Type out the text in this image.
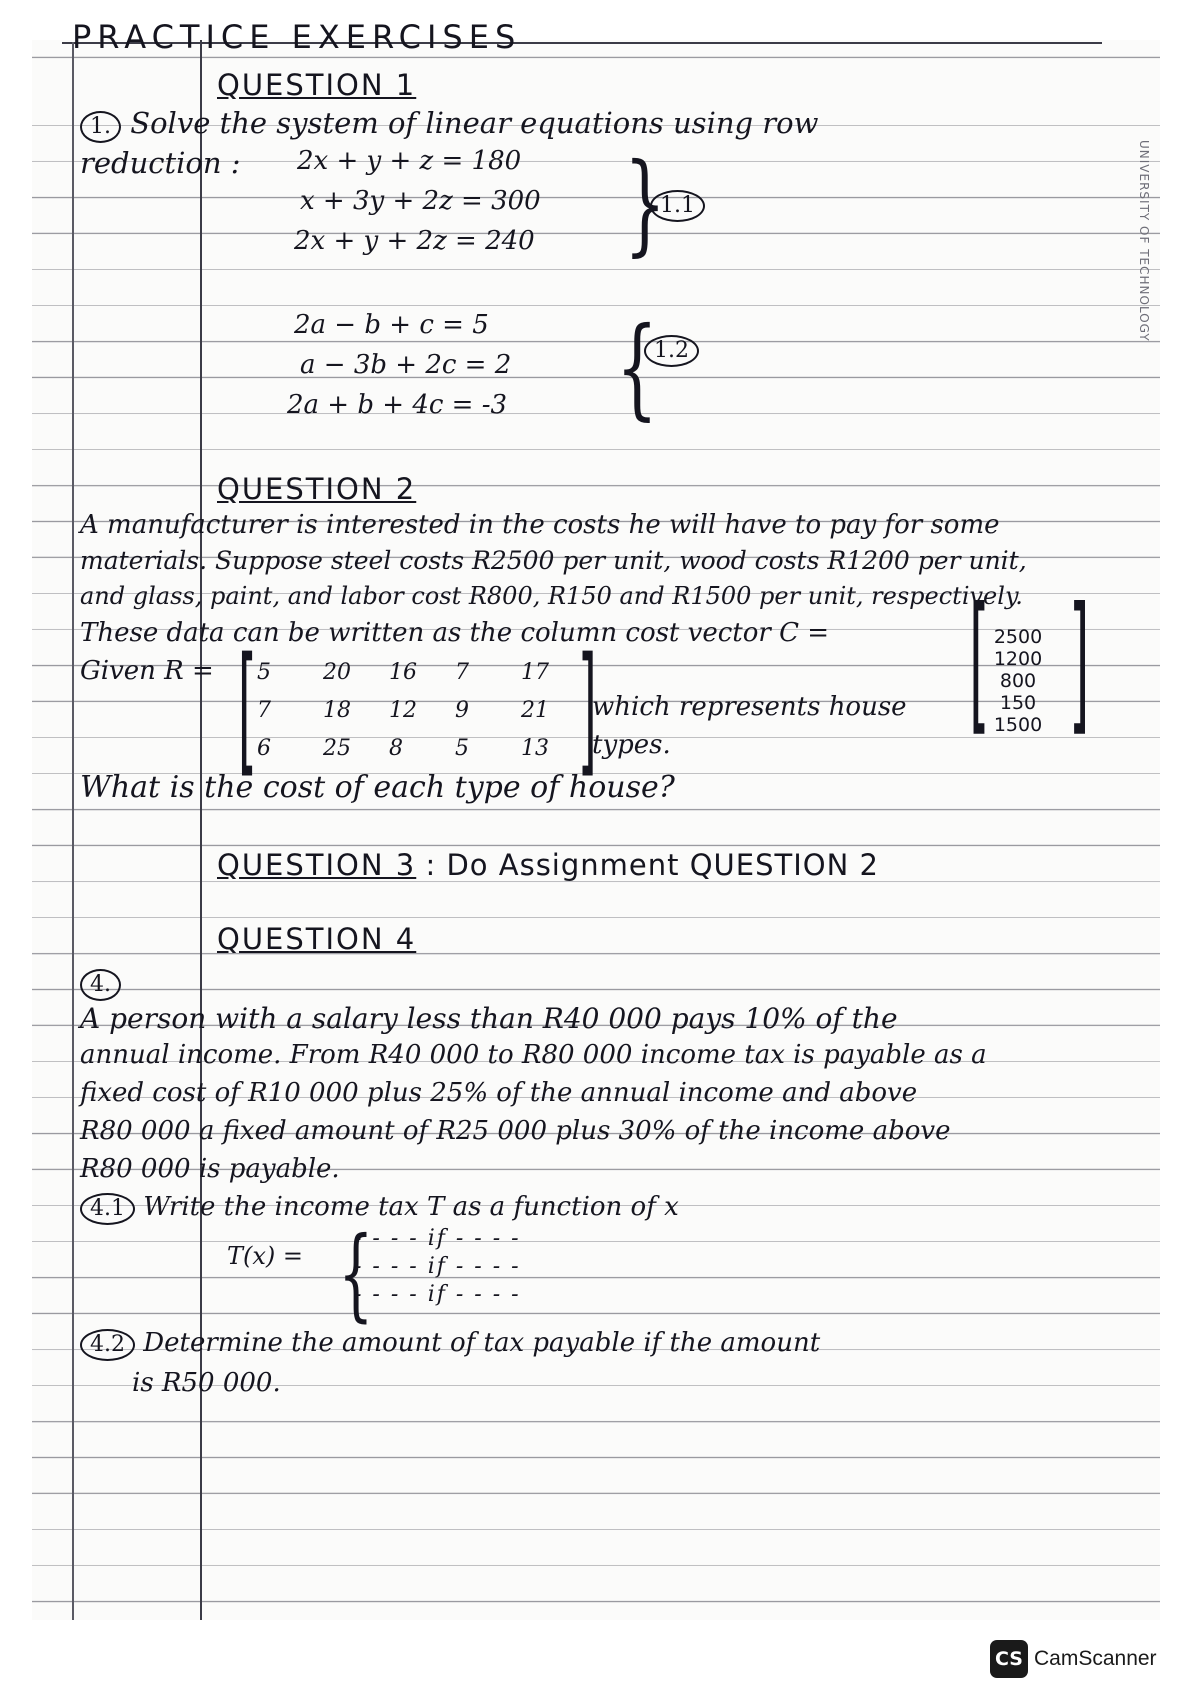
PRACTICE EXERCISES
QUESTION 1
1. Solve the system of linear equations using row
reduction : 2x + y + z = 180
x + 3y + 2z = 300
2x + y + 2z = 240 }
1.1
2a − b + c = 5
a − 3b + 2c = 2
2a + b + 4c = -3 {
1.2
QUESTION 2
A manufacturer is interested in the costs he will have to pay for some
materials. Suppose steel costs R2500 per unit, wood costs R1200 per unit,
and glass, paint, and labor cost R800, R150 and R1500 per unit, respectively.
These data can be written as the column cost vector C = [ 2500
1200
800
150
1500 ]
Given R = [ 5 20 16 7 17
7 18 12 9 21
6 25 8 5 13 ]
which represents house
types.
What is the cost of each type of house?
QUESTION 3 : Do Assignment QUESTION 2
QUESTION 4
4.
A person with a salary less than R40 000 pays 10% of the
annual income. From R40 000 to R80 000 income tax is payable as a
fixed cost of R10 000 plus 25% of the annual income and above
R80 000 a fixed amount of R25 000 plus 30% of the income above
R80 000 is payable.
4.1 Write the income tax T as a function of x
T(x) = {
- - - - if - - - -
- - - - if - - - -
- - - - if - - - -
4.2 Determine the amount of tax payable if the amount
is R50 000.
UNIVERSITY OF TECHNOLOGY
CS CamScanner
